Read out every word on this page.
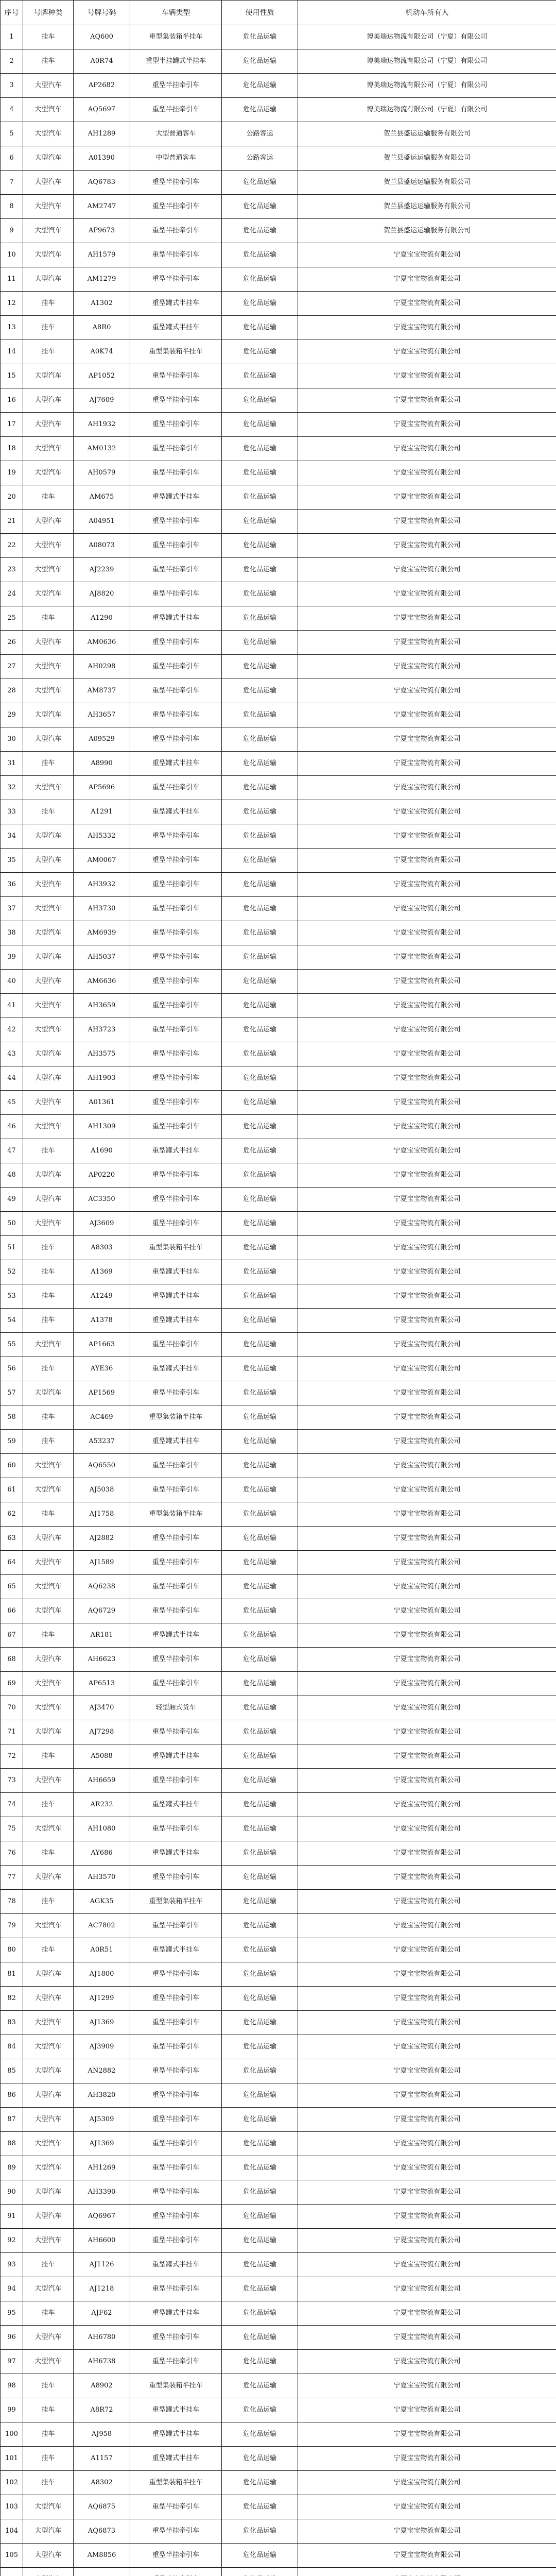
序号	号牌种类	号牌号码	车辆类型	使用性质	机动车所有人
1	挂车	AQ600	重型集装箱半挂车	危化品运输	博美瑞达物流有限公司（宁夏）有限公司
2	挂车	A0R74	重型半挂罐式半挂车	危化品运输	博美瑞达物流有限公司（宁夏）有限公司
3	大型汽车	AP2682	重型半挂牵引车	危化品运输	博美瑞达物流有限公司（宁夏）有限公司
4	大型汽车	AQ5697	重型半挂牵引车	危化品运输	博美瑞达物流有限公司（宁夏）有限公司
5	大型汽车	AH1289	大型普通客车	公路客运	贺兰县盛运运输服务有限公司
6	大型汽车	A01390	中型普通客车	公路客运	贺兰县盛运运输服务有限公司
7	大型汽车	AQ6783	重型半挂牵引车	危化品运输	贺兰县盛运运输服务有限公司
8	大型汽车	AM2747	重型半挂牵引车	危化品运输	贺兰县盛运运输服务有限公司
9	大型汽车	AP9673	重型半挂牵引车	危化品运输	贺兰县盛运运输服务有限公司
10	大型汽车	AH1579	重型半挂牵引车	危化品运输	宁夏宝宝物流有限公司
11	大型汽车	AM1279	重型半挂牵引车	危化品运输	宁夏宝宝物流有限公司
12	挂车	A1302	重型罐式半挂车	危化品运输	宁夏宝宝物流有限公司
13	挂车	A8R0	重型罐式半挂车	危化品运输	宁夏宝宝物流有限公司
14	挂车	A0K74	重型集装箱半挂车	危化品运输	宁夏宝宝物流有限公司
15	大型汽车	AP1052	重型半挂牵引车	危化品运输	宁夏宝宝物流有限公司
16	大型汽车	AJ7609	重型半挂牵引车	危化品运输	宁夏宝宝物流有限公司
17	大型汽车	AH1932	重型半挂牵引车	危化品运输	宁夏宝宝物流有限公司
18	大型汽车	AM0132	重型半挂牵引车	危化品运输	宁夏宝宝物流有限公司
19	大型汽车	AH0579	重型半挂牵引车	危化品运输	宁夏宝宝物流有限公司
20	挂车	AM675	重型罐式半挂车	危化品运输	宁夏宝宝物流有限公司
21	大型汽车	A04951	重型半挂牵引车	危化品运输	宁夏宝宝物流有限公司
22	大型汽车	A08073	重型半挂牵引车	危化品运输	宁夏宝宝物流有限公司
23	大型汽车	AJ2239	重型半挂牵引车	危化品运输	宁夏宝宝物流有限公司
24	大型汽车	AJ8820	重型半挂牵引车	危化品运输	宁夏宝宝物流有限公司
25	挂车	A1290	重型罐式半挂车	危化品运输	宁夏宝宝物流有限公司
26	大型汽车	AM0636	重型半挂牵引车	危化品运输	宁夏宝宝物流有限公司
27	大型汽车	AH0298	重型半挂牵引车	危化品运输	宁夏宝宝物流有限公司
28	大型汽车	AM8737	重型半挂牵引车	危化品运输	宁夏宝宝物流有限公司
29	大型汽车	AH3657	重型半挂牵引车	危化品运输	宁夏宝宝物流有限公司
30	大型汽车	A09529	重型半挂牵引车	危化品运输	宁夏宝宝物流有限公司
31	挂车	A8990	重型罐式半挂车	危化品运输	宁夏宝宝物流有限公司
32	大型汽车	AP5696	重型半挂牵引车	危化品运输	宁夏宝宝物流有限公司
33	挂车	A1291	重型罐式半挂车	危化品运输	宁夏宝宝物流有限公司
34	大型汽车	AH5332	重型半挂牵引车	危化品运输	宁夏宝宝物流有限公司
35	大型汽车	AM0067	重型半挂牵引车	危化品运输	宁夏宝宝物流有限公司
36	大型汽车	AH3932	重型半挂牵引车	危化品运输	宁夏宝宝物流有限公司
37	大型汽车	AH3730	重型半挂牵引车	危化品运输	宁夏宝宝物流有限公司
38	大型汽车	AM6939	重型半挂牵引车	危化品运输	宁夏宝宝物流有限公司
39	大型汽车	AH5037	重型半挂牵引车	危化品运输	宁夏宝宝物流有限公司
40	大型汽车	AM6636	重型半挂牵引车	危化品运输	宁夏宝宝物流有限公司
41	大型汽车	AH3659	重型半挂牵引车	危化品运输	宁夏宝宝物流有限公司
42	大型汽车	AH3723	重型半挂牵引车	危化品运输	宁夏宝宝物流有限公司
43	大型汽车	AH3575	重型半挂牵引车	危化品运输	宁夏宝宝物流有限公司
44	大型汽车	AH1903	重型半挂牵引车	危化品运输	宁夏宝宝物流有限公司
45	大型汽车	A01361	重型半挂牵引车	危化品运输	宁夏宝宝物流有限公司
46	大型汽车	AH1309	重型半挂牵引车	危化品运输	宁夏宝宝物流有限公司
47	挂车	A1690	重型罐式半挂车	危化品运输	宁夏宝宝物流有限公司
48	大型汽车	AP0220	重型半挂牵引车	危化品运输	宁夏宝宝物流有限公司
49	大型汽车	AC3350	重型半挂牵引车	危化品运输	宁夏宝宝物流有限公司
50	大型汽车	AJ3609	重型半挂牵引车	危化品运输	宁夏宝宝物流有限公司
51	挂车	A8303	重型集装箱半挂车	危化品运输	宁夏宝宝物流有限公司
52	挂车	A1369	重型罐式半挂车	危化品运输	宁夏宝宝物流有限公司
53	挂车	A1249	重型罐式半挂车	危化品运输	宁夏宝宝物流有限公司
54	挂车	A1378	重型罐式半挂车	危化品运输	宁夏宝宝物流有限公司
55	大型汽车	AP1663	重型半挂牵引车	危化品运输	宁夏宝宝物流有限公司
56	挂车	AYE36	重型罐式半挂车	危化品运输	宁夏宝宝物流有限公司
57	大型汽车	AP1569	重型半挂牵引车	危化品运输	宁夏宝宝物流有限公司
58	挂车	AC469	重型集装箱半挂车	危化品运输	宁夏宝宝物流有限公司
59	挂车	A53237	重型罐式半挂车	危化品运输	宁夏宝宝物流有限公司
60	大型汽车	AQ6550	重型半挂牵引车	危化品运输	宁夏宝宝物流有限公司
61	大型汽车	AJ5038	重型半挂牵引车	危化品运输	宁夏宝宝物流有限公司
62	挂车	AJ1758	重型集装箱半挂车	危化品运输	宁夏宝宝物流有限公司
63	大型汽车	AJ2882	重型半挂牵引车	危化品运输	宁夏宝宝物流有限公司
64	大型汽车	AJ1589	重型半挂牵引车	危化品运输	宁夏宝宝物流有限公司
65	大型汽车	AQ6238	重型半挂牵引车	危化品运输	宁夏宝宝物流有限公司
66	大型汽车	AQ6729	重型半挂牵引车	危化品运输	宁夏宝宝物流有限公司
67	挂车	AR181	重型罐式半挂车	危化品运输	宁夏宝宝物流有限公司
68	大型汽车	AH6623	重型半挂牵引车	危化品运输	宁夏宝宝物流有限公司
69	大型汽车	AP6513	重型半挂牵引车	危化品运输	宁夏宝宝物流有限公司
70	大型汽车	AJ3470	轻型厢式货车	危化品运输	宁夏宝宝物流有限公司
71	大型汽车	AJ7298	重型半挂牵引车	危化品运输	宁夏宝宝物流有限公司
72	挂车	A5088	重型罐式半挂车	危化品运输	宁夏宝宝物流有限公司
73	大型汽车	AH6659	重型半挂牵引车	危化品运输	宁夏宝宝物流有限公司
74	挂车	AR232	重型罐式半挂车	危化品运输	宁夏宝宝物流有限公司
75	大型汽车	AH1080	重型半挂牵引车	危化品运输	宁夏宝宝物流有限公司
76	挂车	AY686	重型罐式半挂车	危化品运输	宁夏宝宝物流有限公司
77	大型汽车	AH3570	重型半挂牵引车	危化品运输	宁夏宝宝物流有限公司
78	挂车	AGK35	重型集装箱半挂车	危化品运输	宁夏宝宝物流有限公司
79	大型汽车	AC7802	重型半挂牵引车	危化品运输	宁夏宝宝物流有限公司
80	挂车	A0R51	重型罐式半挂车	危化品运输	宁夏宝宝物流有限公司
81	大型汽车	AJ1800	重型半挂牵引车	危化品运输	宁夏宝宝物流有限公司
82	大型汽车	AJ1299	重型半挂牵引车	危化品运输	宁夏宝宝物流有限公司
83	大型汽车	AJ1369	重型半挂牵引车	危化品运输	宁夏宝宝物流有限公司
84	大型汽车	AJ3909	重型半挂牵引车	危化品运输	宁夏宝宝物流有限公司
85	大型汽车	AN2882	重型半挂牵引车	危化品运输	宁夏宝宝物流有限公司
86	大型汽车	AH3820	重型半挂牵引车	危化品运输	宁夏宝宝物流有限公司
87	大型汽车	AJ5309	重型半挂牵引车	危化品运输	宁夏宝宝物流有限公司
88	大型汽车	AJ1369	重型半挂牵引车	危化品运输	宁夏宝宝物流有限公司
89	大型汽车	AH1269	重型半挂牵引车	危化品运输	宁夏宝宝物流有限公司
90	大型汽车	AH3390	重型半挂牵引车	危化品运输	宁夏宝宝物流有限公司
91	大型汽车	AQ6967	重型半挂牵引车	危化品运输	宁夏宝宝物流有限公司
92	大型汽车	AH6600	重型半挂牵引车	危化品运输	宁夏宝宝物流有限公司
93	挂车	AJ1126	重型罐式半挂车	危化品运输	宁夏宝宝物流有限公司
94	大型汽车	AJ1218	重型半挂牵引车	危化品运输	宁夏宝宝物流有限公司
95	挂车	AJF62	重型罐式半挂车	危化品运输	宁夏宝宝物流有限公司
96	大型汽车	AH6780	重型半挂牵引车	危化品运输	宁夏宝宝物流有限公司
97	大型汽车	AH6738	重型半挂牵引车	危化品运输	宁夏宝宝物流有限公司
98	挂车	A8902	重型集装箱半挂车	危化品运输	宁夏宝宝物流有限公司
99	挂车	A8R72	重型罐式半挂车	危化品运输	宁夏宝宝物流有限公司
100	挂车	AJ958	重型罐式半挂车	危化品运输	宁夏宝宝物流有限公司
101	挂车	A1157	重型罐式半挂车	危化品运输	宁夏宝宝物流有限公司
102	挂车	A8302	重型集装箱半挂车	危化品运输	宁夏宝宝物流有限公司
103	大型汽车	AQ6875	重型半挂牵引车	危化品运输	宁夏宝宝物流有限公司
104	大型汽车	AQ6873	重型半挂牵引车	危化品运输	宁夏宝宝物流有限公司
105	大型汽车	AM8856	重型半挂牵引车	危化品运输	宁夏宝宝物流有限公司
